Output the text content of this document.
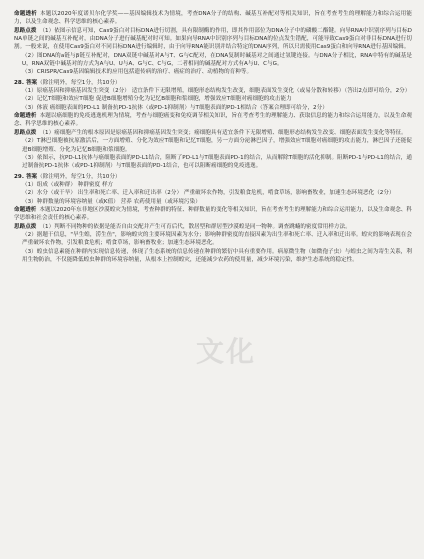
命题透析 本题以2020年度诺贝尔化学奖——基因编辑技术为情境，考查DNA分子的结构、碱基互补配对等相关知识，旨在考查考生的理解能力和综合运用能力，以及生命观念、科学思维的核心素养。

思路点拨 （1）依图示信息可知，Cas9蛋白对目标DNA进行切割，具有限制酶的作用，即其作用部位为DNA分子中的磷酸二酯键。向导RNA中识别序列与目标DNA单链之间的碱基互补配对，由DNA分子进行碱基配对时可知。如果向导RNA中识别序列与目标DNA的位点发生错配，可能导致Cas9蛋白对非目标DNA进行切割。一般来说，在使用Cas9蛋白对不同目标DNA进行编辑时，由于向导RNA能识别并结合特定的DNA序列，所以只需使用Cas9蛋白和向导RNA进行基因编辑。

（2）图DNA的a链与β链互补配对，DNA双链中碱基对A与T、G与C配对，在DNA复制时碱基对之间通过氢键连接。与DNA分子相比，RNA中特有的碱基是U，RNA双链中碱基对的方式为A与U、U与A、G与C、C与G，二者相同的碱基配对方式有A与U、C与G。

（3）CRISPR/Cas9基因编辑技术的应用包括遗传病的治疗、癌症的治疗、动植物的育种等。

28. 答案（除注明外，每空1分，共10分）

（1）原癌基因和抑癌基因发生突变（2分） 适宜条件下无限增殖，细胞形态结构发生改变，细胞表面发生变化（或易分散和转移）（答出2点即可给分，2分）

（2）记忆T细胞和效应T细胞 促进B细胞增殖分化为记忆B细胞和浆细胞，增强效应T细胞对癌细胞的攻击能力

（3）体液 癌细胞表面的PD-L1 制备抗PD-1抗体（或PD-1抑制剂）与T细胞表面的PD-1相结合（答案合理即可给分，2分）

命题透析 本题以癌细胞的免疫逃逸机理为情境，考查与细胞癌变和免疫调节相关知识，旨在考查考生的理解能力、获取信息的能力和综合运用能力，以及生命观念、科学思维的核心素养。

思路点拨 （1）癌细胞产生的根本原因是原癌基因和抑癌基因发生突变；癌细胞具有适宜条件下无限增殖、细胞形态结构发生改变、细胞表面发生变化等特征。

（2）T淋巴细胞被抗原激活后，一方面增殖、分化为效应T细胞和记忆T细胞，另一方面分泌淋巴因子，增强效应T细胞对癌细胞的攻击能力，淋巴因子还能促进B细胞增殖、分化为记忆B细胞和浆细胞。

（3）依图示，抗PD-L1抗体与癌细胞表面的PD-L1结合，阻断了PD-L1与T细胞表面PD-1的结合，从而解除T细胞的活化抑制。阻断PD-1与PD-L1的结合，通过制备抗PD-1抗体（或PD-1抑制剂）与T细胞表面的PD-1结合，也可以阻断癌细胞的免疫逃逸。

29. 答案（除注明外，每空1分，共10分）

（1）组成（或种群） 种群密度 样方

（2）水分（或干旱） 出生率和死亡率、迁入率和迁出率（2分） 严重破坏农作物，引发粮食危机，啃食草场，影响畜牧业，加速生态环境恶化（2分）

（3）种群数量的环境容纳量（或K值） 营养 农药使用量（或环境污染）

命题透析 本题以2020年东非地区沙漠蝗灾为情境，考查种群的特征、种群数量的变化等相关知识，旨在考查考生的理解能力和综合运用能力，以及生命观念、科学思维和社会责任的核心素养。

思路点拨 （1）判断不同物种的依据是能否自由交配并产生可育后代，散居型和群居型沙漠蝗是同一物种。调查跳蝻的密度常用样方法。

（2）据题干信息，"旱生蝗，涝生鱼"，影响蝗灾的主要环境因素为水分；影响种群密度的直接因素为出生率和死亡率、迁入率和迁出率。蝗灾的影响表现在会严重破坏农作物，引发粮食危机；啃食草场，影响畜牧业；加速生态环境恶化。

（3）蝗虫信息素能在种群内实现信息传递，体现了生态系统的信息传递在种群的繁衍中具有重要作用。病原微生物（如微孢子虫）与蝗虫之间为寄生关系，利用生物防治，不仅能降低蝗虫种群的环境容纳量，从根本上控制蝗灾，还能减少农药的使用量，减少环境污染，维护生态系统的稳定性。

文化
